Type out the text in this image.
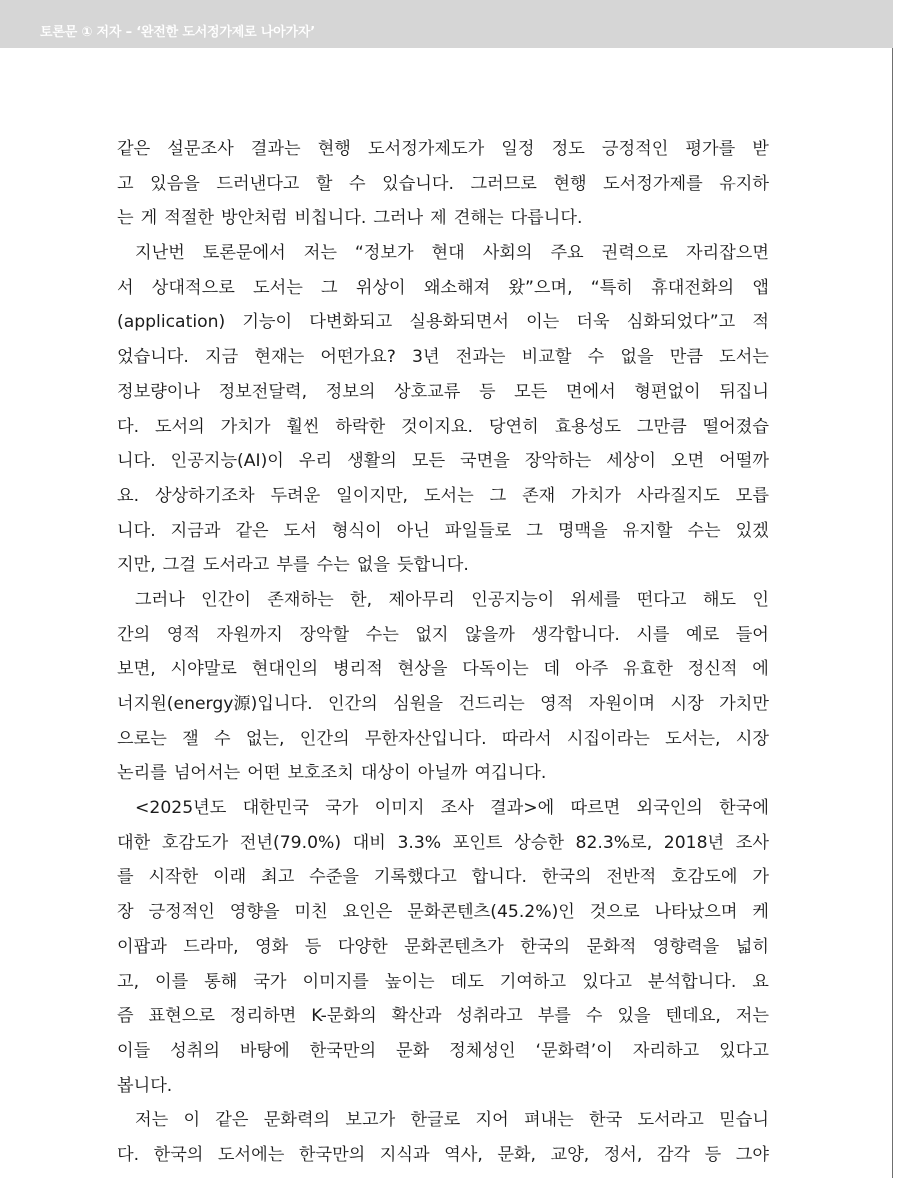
토론문 ① 저자 – ‘완전한 도서정가제로 나아가자’
같은 설문조사 결과는 현행 도서정가제도가 일정 정도 긍정적인 평가를 받
고 있음을 드러낸다고 할 수 있습니다. 그러므로 현행 도서정가제를 유지하
는 게 적절한 방안처럼 비칩니다. 그러나 제 견해는 다릅니다.
지난번 토론문에서 저는 “정보가 현대 사회의 주요 권력으로 자리잡으면
서 상대적으로 도서는 그 위상이 왜소해져 왔”으며, “특히 휴대전화의 앱
(application) 기능이 다변화되고 실용화되면서 이는 더욱 심화되었다”고 적
었습니다. 지금 현재는 어떤가요? 3년 전과는 비교할 수 없을 만큼 도서는
정보량이나 정보전달력, 정보의 상호교류 등 모든 면에서 형편없이 뒤집니
다. 도서의 가치가 훨씬 하락한 것이지요. 당연히 효용성도 그만큼 떨어졌습
니다. 인공지능(AI)이 우리 생활의 모든 국면을 장악하는 세상이 오면 어떨까
요. 상상하기조차 두려운 일이지만, 도서는 그 존재 가치가 사라질지도 모릅
니다. 지금과 같은 도서 형식이 아닌 파일들로 그 명맥을 유지할 수는 있겠
지만, 그걸 도서라고 부를 수는 없을 듯합니다.
그러나 인간이 존재하는 한, 제아무리 인공지능이 위세를 떤다고 해도 인
간의 영적 자원까지 장악할 수는 없지 않을까 생각합니다. 시를 예로 들어
보면, 시야말로 현대인의 병리적 현상을 다독이는 데 아주 유효한 정신적 에
너지원(energy源)입니다. 인간의 심원을 건드리는 영적 자원이며 시장 가치만
으로는 잴 수 없는, 인간의 무한자산입니다. 따라서 시집이라는 도서는, 시장
논리를 넘어서는 어떤 보호조치 대상이 아닐까 여깁니다.
<2025년도 대한민국 국가 이미지 조사 결과>에 따르면 외국인의 한국에
대한 호감도가 전년(79.0%) 대비 3.3% 포인트 상승한 82.3%로, 2018년 조사
를 시작한 이래 최고 수준을 기록했다고 합니다. 한국의 전반적 호감도에 가
장 긍정적인 영향을 미친 요인은 문화콘텐츠(45.2%)인 것으로 나타났으며 케
이팝과 드라마, 영화 등 다양한 문화콘텐츠가 한국의 문화적 영향력을 넓히
고, 이를 통해 국가 이미지를 높이는 데도 기여하고 있다고 분석합니다. 요
즘 표현으로 정리하면 K-문화의 확산과 성취라고 부를 수 있을 텐데요, 저는
이들 성취의 바탕에 한국만의 문화 정체성인 ‘문화력’이 자리하고 있다고
봅니다.
저는 이 같은 문화력의 보고가 한글로 지어 펴내는 한국 도서라고 믿습니
다. 한국의 도서에는 한국만의 지식과 역사, 문화, 교양, 정서, 감각 등 그야
